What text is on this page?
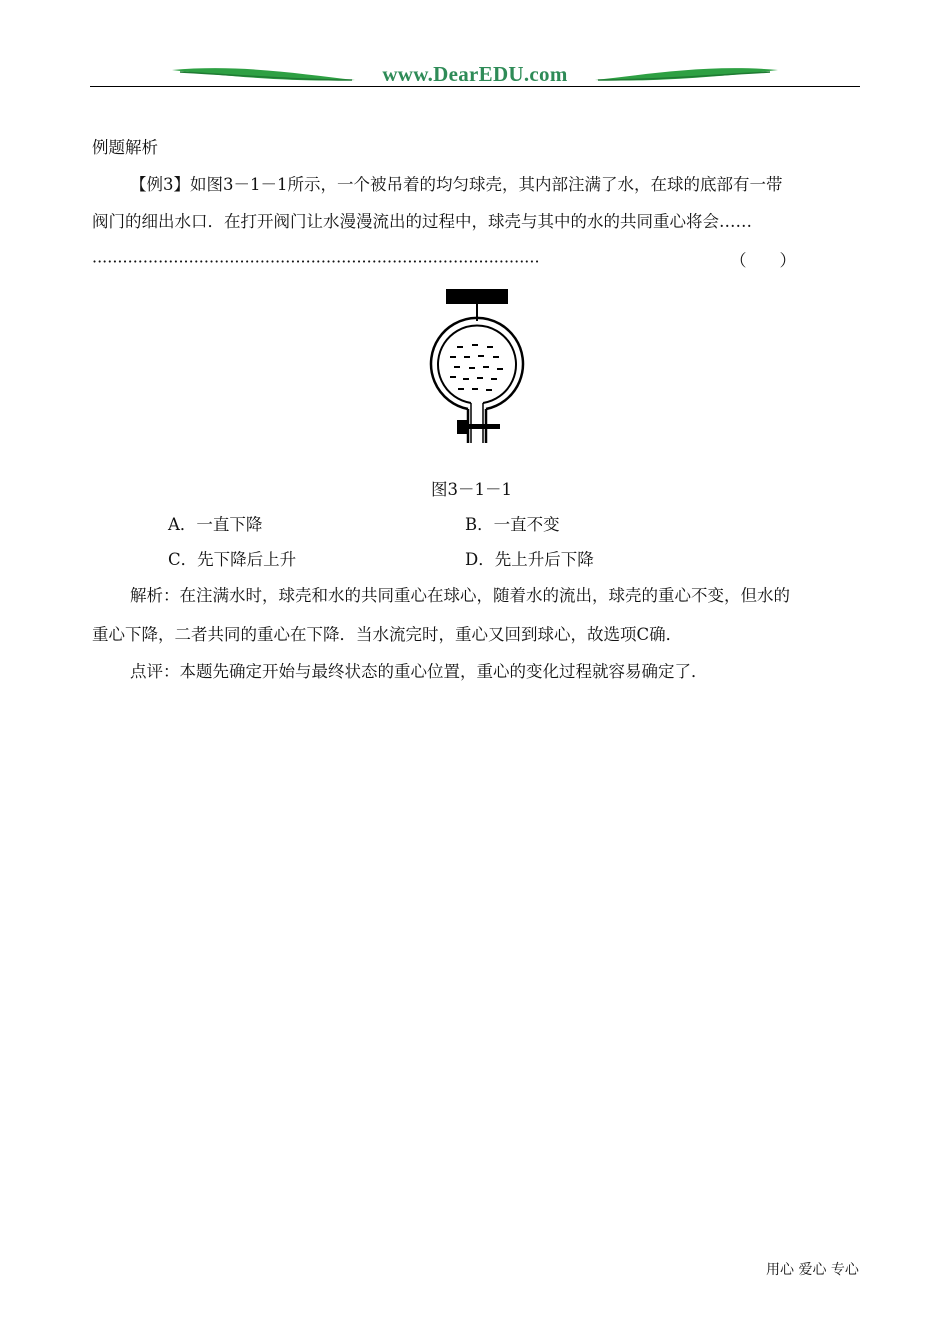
www.DearEDU.com
例题解析
【例3】如图3－1－1所示，一个被吊着的均匀球壳，其内部注满了水，在球的底部有一带
阀门的细出水口．在打开阀门让水漫漫流出的过程中，球壳与其中的水的共同重心将会……
························································································	（　　）
图3－1－1
A．一直下降	B．一直不变
C．先下降后上升	D．先上升后下降
解析：在注满水时，球壳和水的共同重心在球心，随着水的流出，球壳的重心不变，但水的
重心下降，二者共同的重心在下降．当水流完时，重心又回到球心，故选项C确．
点评：本题先确定开始与最终状态的重心位置，重心的变化过程就容易确定了．
用心 爱心 专心
